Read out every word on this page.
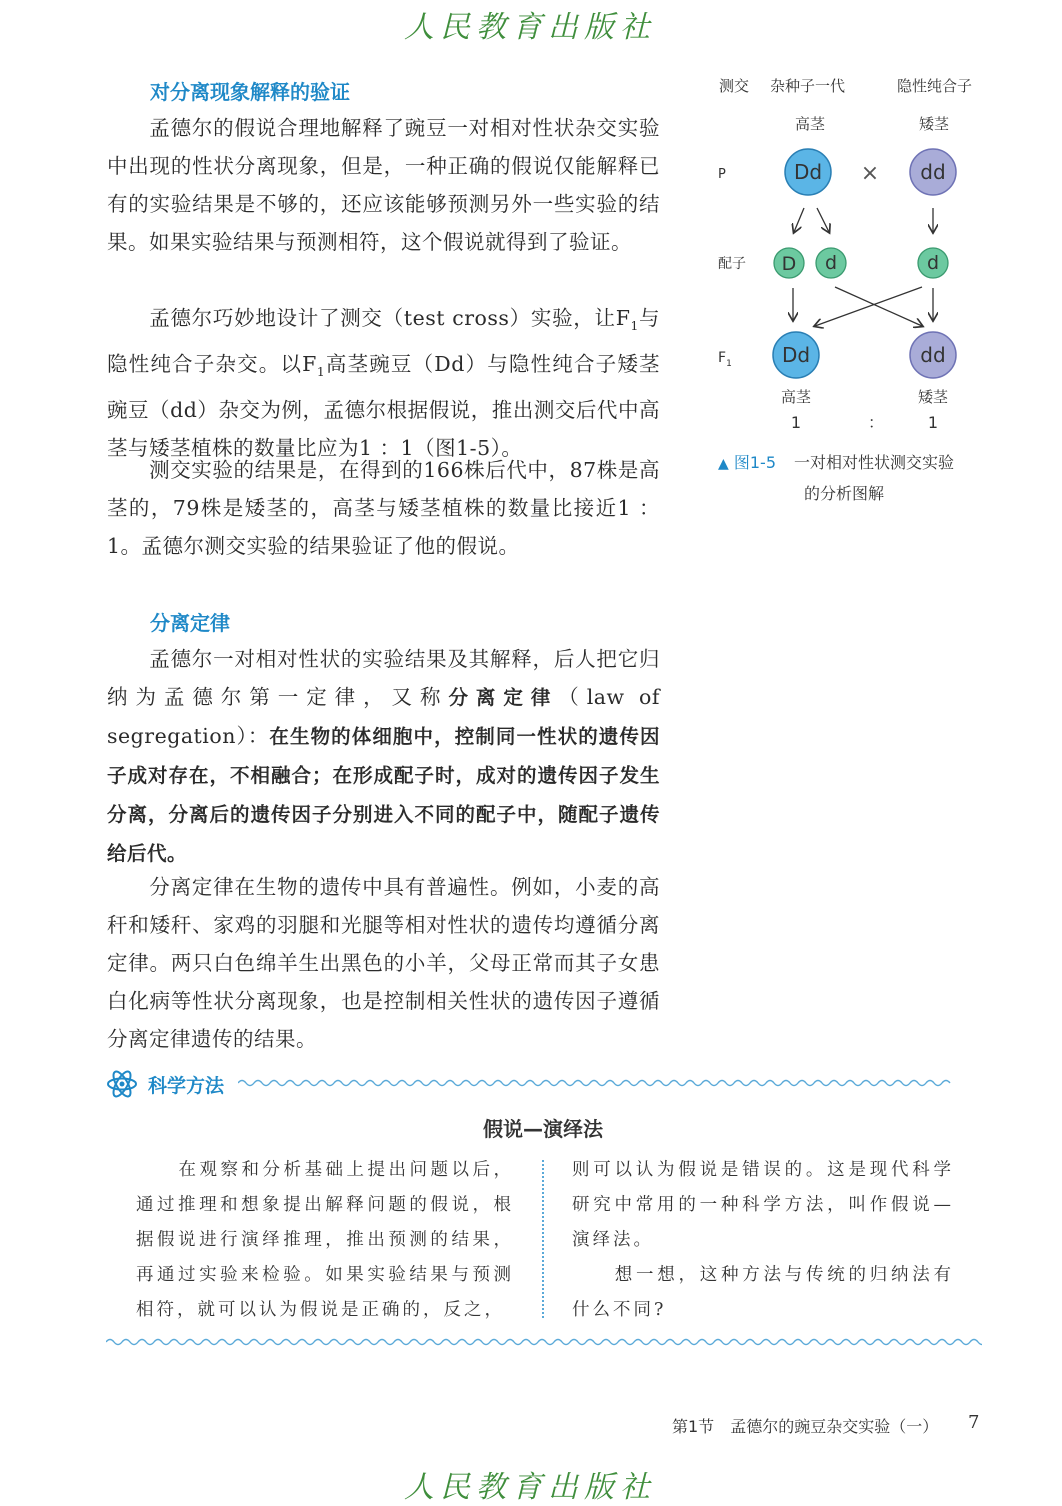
人民教育出版社
对分离现象解释的验证

孟德尔的假说合理地解释了豌豆一对相对性状杂交实验中出现的性状分离现象，但是，一种正确的假说仅能解释已有的实验结果是不够的，还应该能够预测另外一些实验的结果。如果实验结果与预测相符，这个假说就得到了验证。

孟德尔巧妙地设计了测交（test cross）实验，让$F_1$与隐性纯合子杂交。以$F_1$高茎豌豆（Dd）与隐性纯合子矮茎豌豆（dd）杂交为例，孟德尔根据假说，推出测交后代中高茎与矮茎植株的数量比应为1 ：1（图1-5）。

测交实验的结果是，在得到的166株后代中，87株是高茎的，79株是矮茎的，高茎与矮茎植株的数量比接近1 ：1。孟德尔测交实验的结果验证了他的假说。

分离定律

孟德尔一对相对性状的实验结果及其解释，后人把它归纳为孟德尔第一定律，又称分离定律（law of segregation）：在生物的体细胞中，控制同一性状的遗传因子成对存在，不相融合；在形成配子时，成对的遗传因子发生分离，分离后的遗传因子分别进入不同的配子中，随配子遗传给后代。

分离定律在生物的遗传中具有普遍性。例如，小麦的高秆和矮秆、家鸡的羽腿和光腿等相对性状的遗传均遵循分离定律。两只白色绵羊生出黑色的小羊，父母正常而其子女患白化病等性状分离现象，也是控制相关性状的遗传因子遵循分离定律遗传的结果。

测交 杂种子一代	隐性纯合子
高茎	矮茎
P	Dd × dd
配子 D d	d
$F_1$	Dd	dd
高茎	矮茎
1	：	1
▲ 图1-5 一对相对性状测交实验
的分析图解
科学方法
假说—演绎法

在观察和分析基础上提出问题以后，通过推理和想象提出解释问题的假说，根据假说进行演绎推理，推出预测的结果，再通过实验来检验。如果实验结果与预测相符，就可以认为假说是正确的，反之，

则可以认为假说是错误的。这是现代科学研究中常用的一种科学方法，叫作假说—演绎法。
想一想，这种方法与传统的归纳法有什么不同?

第1节 孟德尔的豌豆杂交实验（一） 7
人民教育出版社
